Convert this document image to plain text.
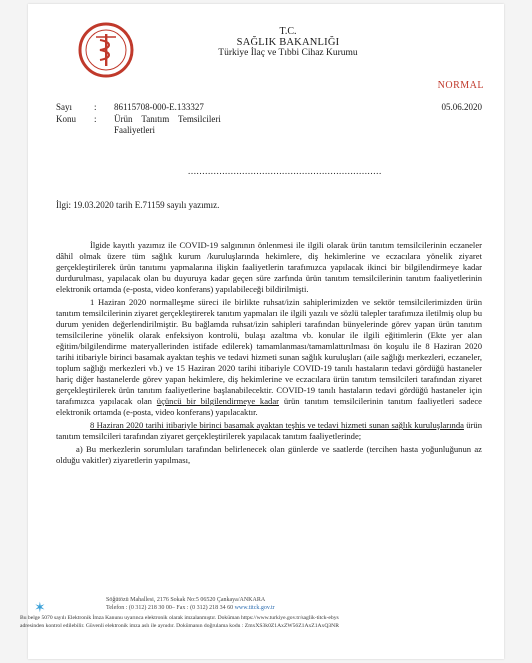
T.C.
SAĞLIK BAKANLIĞI
Türkiye İlaç ve Tıbbi Cihaz Kurumu
NORMAL
Sayı : 86115708-000-E.133327	05.06.2020
Konu : Ürün    Tanıtım    Temsilcileri
Faaliyetleri
....................................................................
İlgi: 19.03.2020 tarih E.71159 sayılı yazımız.

İlgide kayıtlı yazımız ile COVID-19 salgınının önlenmesi ile ilgili olarak ürün tanıtım temsilcilerinin eczaneler dâhil olmak üzere tüm sağlık kurum /kuruluşlarında hekimlere, diş hekimlerine ve eczacılara yönelik ziyaret gerçekleştirilerek ürün tanıtımı yapmalarına ilişkin faaliyetlerin tarafımızca yapılacak ikinci bir bilgilendirmeye kadar durdurulması, yapılacak olan bu duyuruya kadar geçen süre zarfında ürün tanıtım temsilcilerinin tanıtım faaliyetlerinin elektronik ortamda (e-posta, video konferans) yapılabileceği bildirilmişti.

1 Haziran 2020 normalleşme süreci ile birlikte ruhsat/izin sahiplerimizden ve sektör temsilcilerimizden ürün tanıtım temsilcilerinin ziyaret gerçekleştirerek tanıtım yapmaları ile ilgili yazılı ve sözlü talepler tarafımıza iletilmiş olup bu durum yeniden değerlendirilmiştir. Bu bağlamda ruhsat/izin sahipleri tarafından bünyelerinde görev yapan ürün tanıtım temsilcilerine yönelik olarak enfeksiyon kontrolü, bulaşı azaltma vb. konular ile ilgili eğitimlerin (Ekte yer alan eğitim/bilgilendirme materyallerinden istifade edilerek) tamamlanması/tamamlattırılması ön koşulu ile 8 Haziran 2020 tarihi itibariyle birinci basamak ayaktan teşhis ve tedavi hizmeti sunan sağlık kuruluşları (aile sağlığı merkezleri, eczaneler, toplum sağlığı merkezleri vb.) ve 15 Haziran 2020 tarihi itibariyle COVID-19 tanılı hastaların tedavi gördüğü hastaneler hariç diğer hastanelerde görev yapan hekimlere, diş hekimlerine ve eczacılara ürün tanıtım temsilcileri tarafından ziyaret gerçekleştirilerek ürün tanıtım faaliyetlerine başlanabilecektir. COVID-19 tanılı hastaların tedavi gördüğü hastaneler için tarafımızca yapılacak olan üçüncü bir bilgilendirmeye kadar ürün tanıtım temsilcilerinin tanıtım faaliyetleri sadece elektronik ortamda (e-posta, video konferans) yapılacaktır.

8 Haziran 2020 tarihi itibariyle birinci basamak ayaktan teşhis ve tedavi hizmeti sunan sağlık kuruluşlarında ürün tanıtım temsilcileri tarafından ziyaret gerçekleştirilerek yapılacak tanıtım faaliyetlerinde;

a) Bu merkezlerin sorumluları tarafından belirlenecek olan günlerde ve saatlerde (tercihen hasta yoğunluğunun az olduğu vakitler) ziyaretlerin yapılması,

Söğütözü Mahallesi, 2176 Sokak No:5 06520 Çankaya/ANKARA
Telefon : (0 312) 218 30 00– Fax : (0 312) 218 34 60 www.titck.gov.tr
✶
Bu belge 5070 sayılı Elektronik İmza Kanunu uyarınca elektronik olarak imzalanmıştır. Doküman https://www.turkiye.gov.tr/saglik-titck-ebys
adresinden kontrol edilebilir. Güvenli elektronik imza aslı ile aynıdır. Dokümanın doğrulama kodu : ZmxXS3k0Z1AxZW56Z1AxZ1AxQ3NR
